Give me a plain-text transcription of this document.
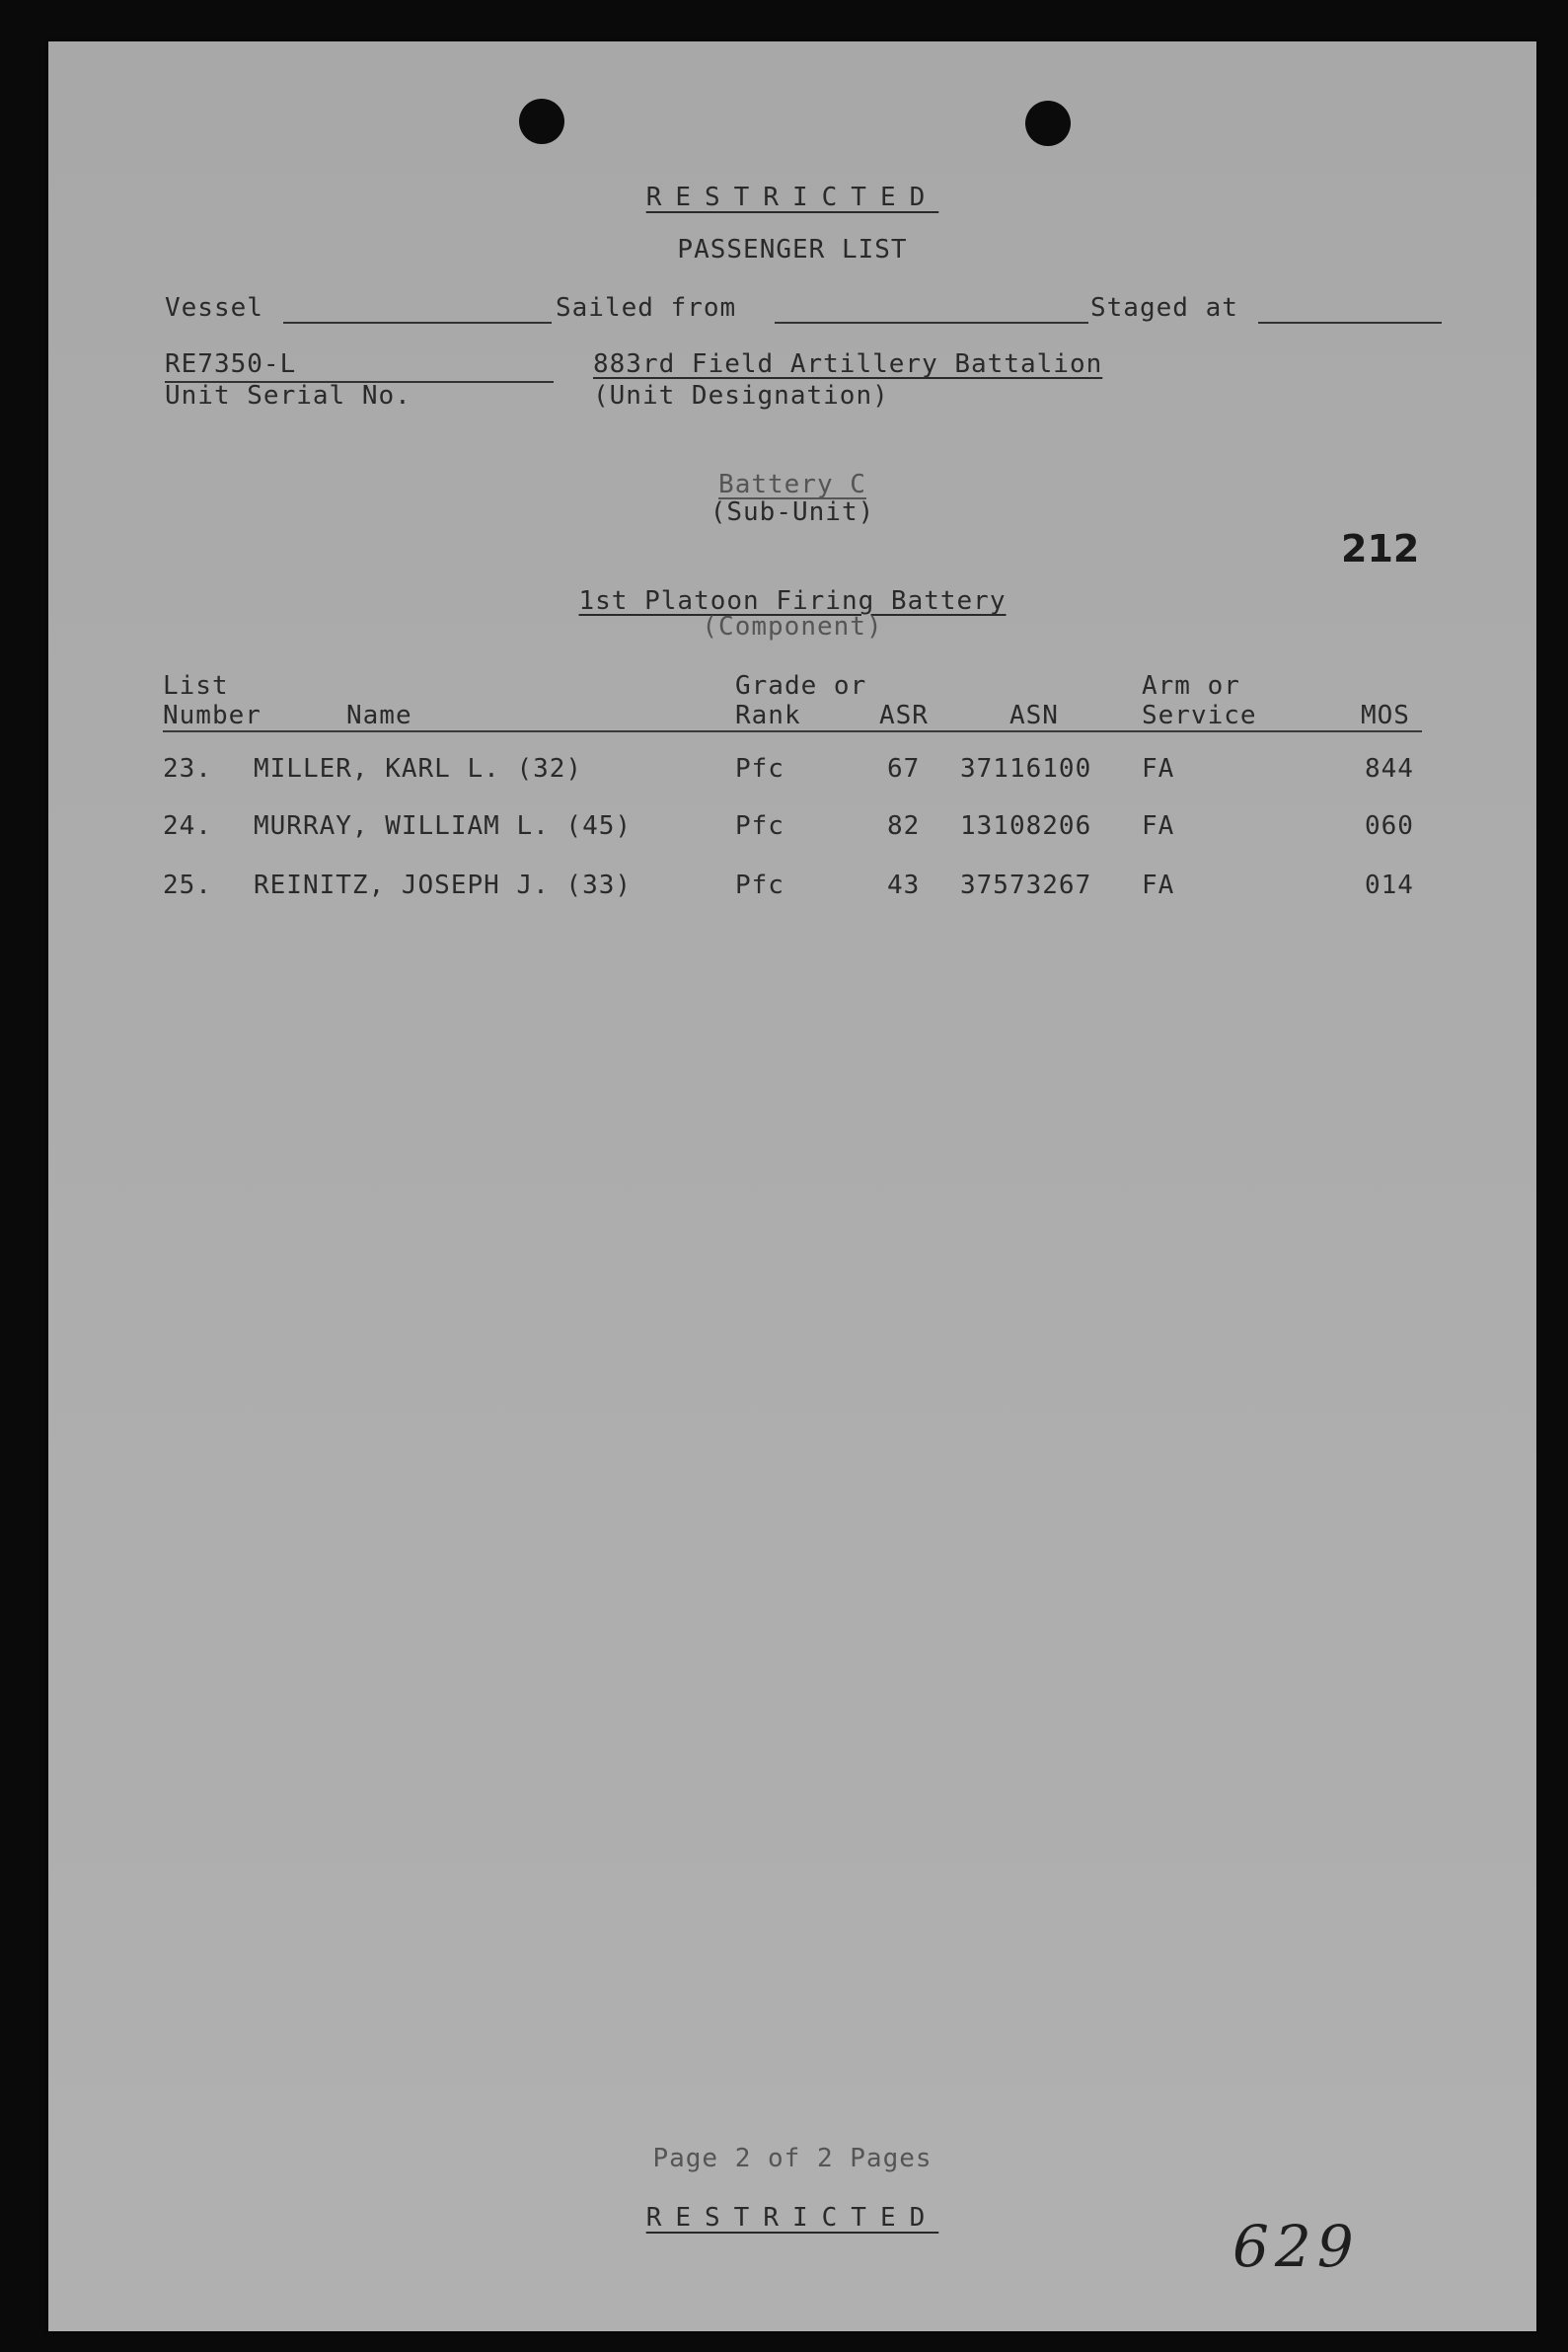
RESTRICTED
PASSENGER LIST
Vessel	Sailed from	Staged at
RE7350-L
Unit Serial No.
883rd Field Artillery Battalion
(Unit Designation)
Battery C
(Sub-Unit)
212
1st Platoon Firing Battery
(Component)
List
Number	Name
Grade or
Rank	ASR	ASN
Arm or
Service	MOS
23. MILLER, KARL L. (32)	Pfc	67 37116100 FA	844
24. MURRAY, WILLIAM L. (45)	Pfc	82 13108206 FA	060
25. REINITZ, JOSEPH J. (33)	Pfc	43 37573267 FA	014
Page 2 of 2 Pages
RESTRICTED	629
